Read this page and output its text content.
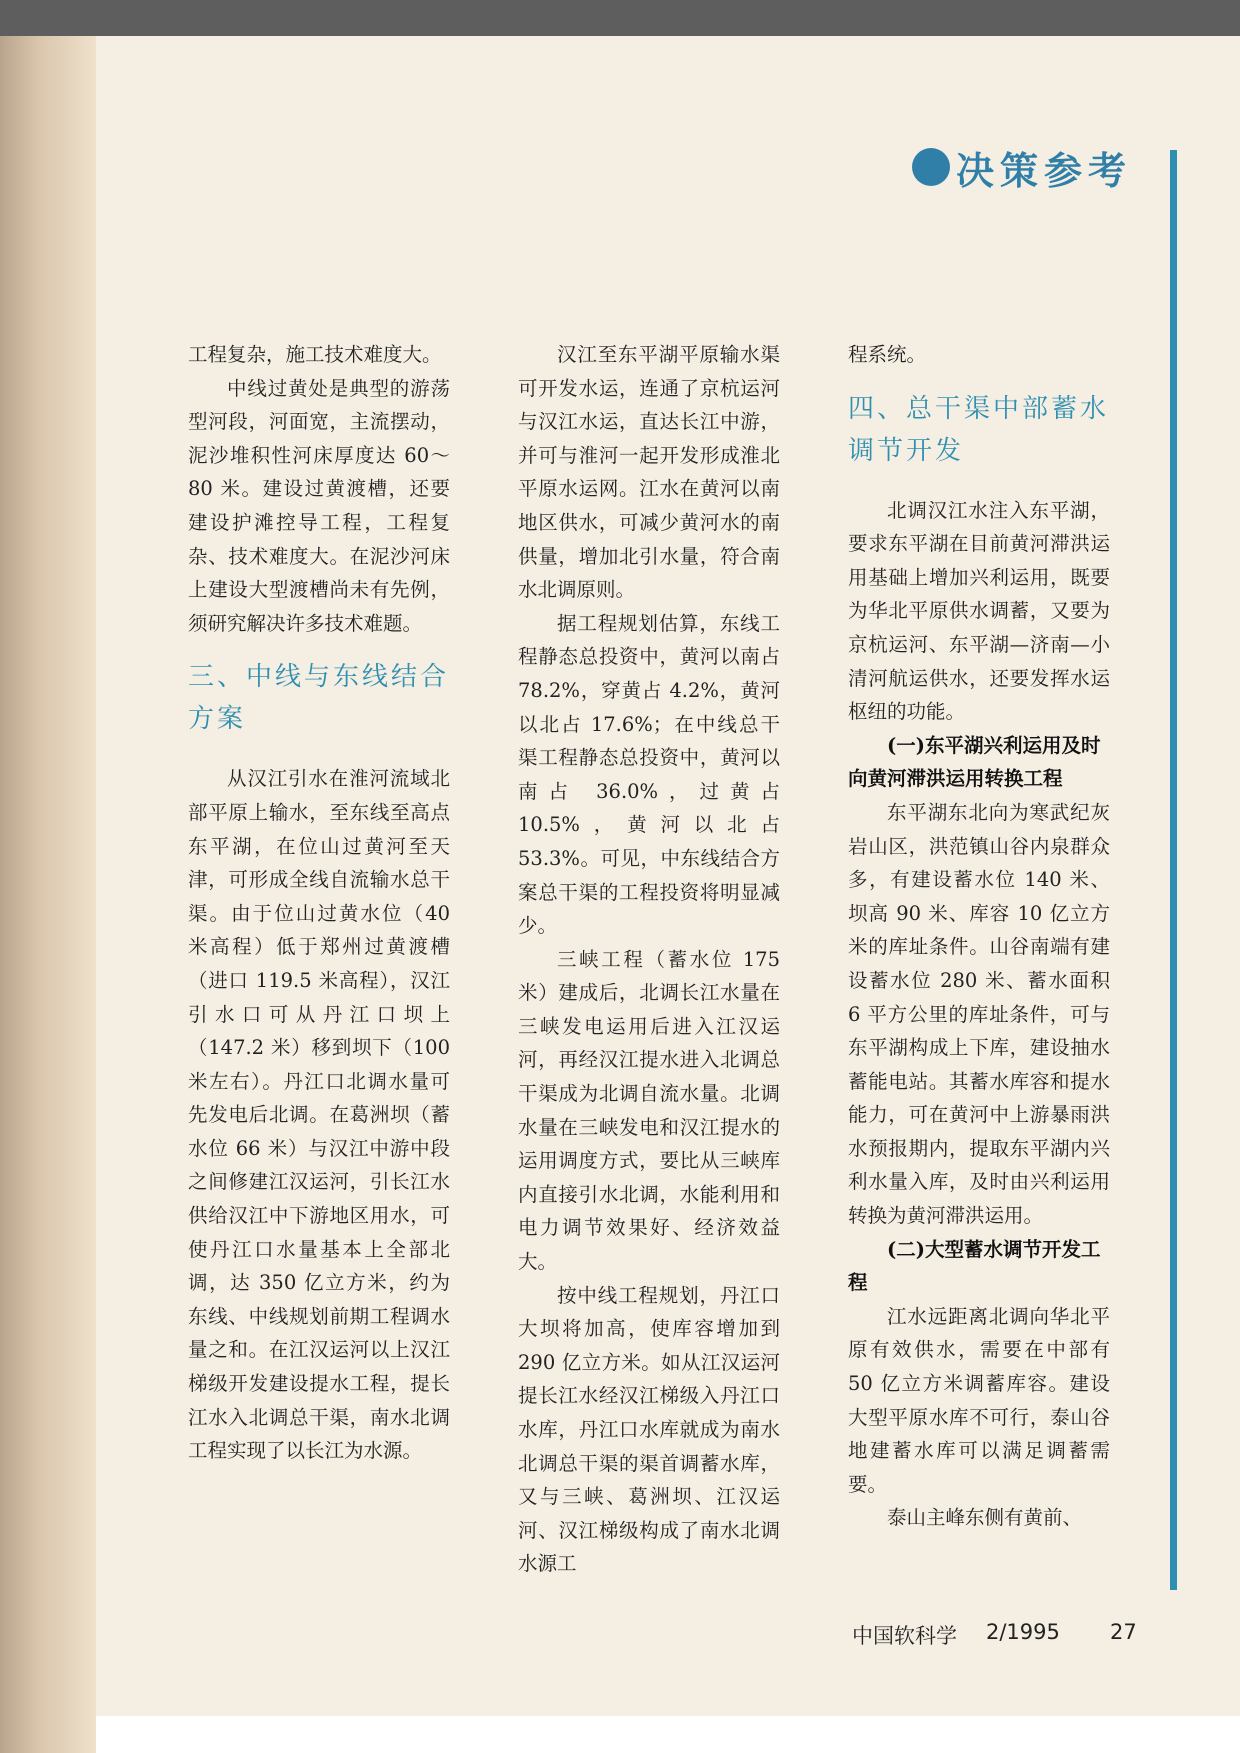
决策参考

工程复杂，施工技术难度大。

中线过黄处是典型的游荡型河段，河面宽，主流摆动，泥沙堆积性河床厚度达 60～80 米。建设过黄渡槽，还要建设护滩控导工程，工程复杂、技术难度大。在泥沙河床上建设大型渡槽尚未有先例，须研究解决许多技术难题。

三、中线与东线结合方案

从汉江引水在淮河流域北部平原上输水，至东线至高点东平湖，在位山过黄河至天津，可形成全线自流输水总干渠。由于位山过黄水位（40 米高程）低于郑州过黄渡槽（进口 119.5 米高程），汉江引水口可从丹江口坝上（147.2 米）移到坝下（100 米左右）。丹江口北调水量可先发电后北调。在葛洲坝（蓄水位 66 米）与汉江中游中段之间修建江汉运河，引长江水供给汉江中下游地区用水，可使丹江口水量基本上全部北调，达 350 亿立方米，约为东线、中线规划前期工程调水量之和。在江汉运河以上汉江梯级开发建设提水工程，提长江水入北调总干渠，南水北调工程实现了以长江为水源。

汉江至东平湖平原输水渠可开发水运，连通了京杭运河与汉江水运，直达长江中游，并可与淮河一起开发形成淮北平原水运网。江水在黄河以南地区供水，可减少黄河水的南供量，增加北引水量，符合南水北调原则。

据工程规划估算，东线工程静态总投资中，黄河以南占 78.2%，穿黄占 4.2%，黄河以北占 17.6%；在中线总干渠工程静态总投资中，黄河以南占 36.0%，过黄占 10.5%，黄河以北占 53.3%。可见，中东线结合方案总干渠的工程投资将明显减少。

三峡工程（蓄水位 175 米）建成后，北调长江水量在三峡发电运用后进入江汉运河，再经汉江提水进入北调总干渠成为北调自流水量。北调水量在三峡发电和汉江提水的运用调度方式，要比从三峡库内直接引水北调，水能利用和电力调节效果好、经济效益大。

按中线工程规划，丹江口大坝将加高，使库容增加到 290 亿立方米。如从江汉运河提长江水经汉江梯级入丹江口水库，丹江口水库就成为南水北调总干渠的渠首调蓄水库，又与三峡、葛洲坝、江汉运河、汉江梯级构成了南水北调水源工

程系统。

四、总干渠中部蓄水调节开发

北调汉江水注入东平湖，要求东平湖在目前黄河滞洪运用基础上增加兴利运用，既要为华北平原供水调蓄，又要为京杭运河、东平湖—济南—小清河航运供水，还要发挥水运枢纽的功能。

(一)东平湖兴利运用及时向黄河滞洪运用转换工程

东平湖东北向为寒武纪灰岩山区，洪范镇山谷内泉群众多，有建设蓄水位 140 米、坝高 90 米、库容 10 亿立方米的库址条件。山谷南端有建设蓄水位 280 米、蓄水面积 6 平方公里的库址条件，可与东平湖构成上下库，建设抽水蓄能电站。其蓄水库容和提水能力，可在黄河中上游暴雨洪水预报期内，提取东平湖内兴利水量入库，及时由兴利运用转换为黄河滞洪运用。

(二)大型蓄水调节开发工程

江水远距离北调向华北平原有效供水，需要在中部有 50 亿立方米调蓄库容。建设大型平原水库不可行，泰山谷地建蓄水库可以满足调蓄需要。

泰山主峰东侧有黄前、

中国软科学 2/1995 27
